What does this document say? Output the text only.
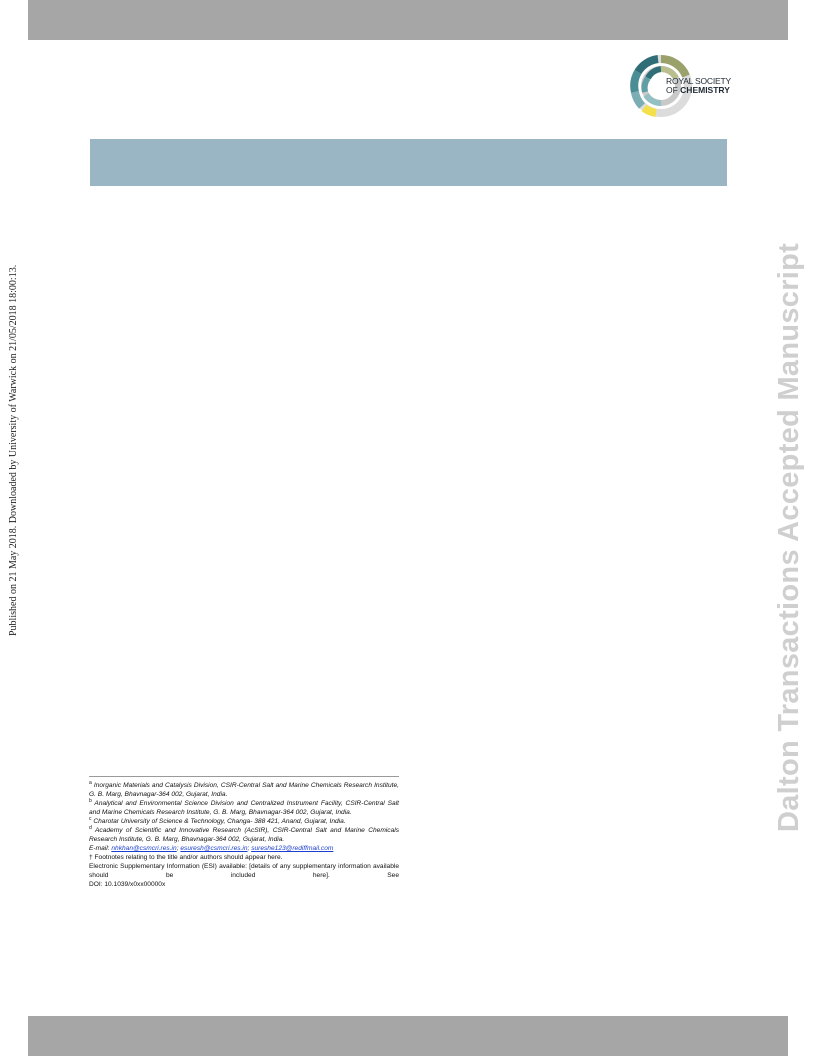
ROYAL SOCIETY
OF CHEMISTRY
Published on 21 May 2018. Downloaded by University of Warwick on 21/05/2018 18:00:13.	Dalton Transactions Accepted Manuscript
$^a$ Inorganic Materials and Catalysis Division, CSIR-Central Salt and Marine Chemicals Research Institute, G. B. Marg, Bhavnagar-364 002, Gujarat, India.
$^b$ Analytical and Environmental Science Division and Centralized Instrument Facility, CSIR-Central Salt and Marine Chemicals Research Institute, G. B. Marg, Bhavnagar-364 002, Gujarat, India.
$^c$ Charotar University of Science & Technology, Changa- 388 421, Anand, Gujarat, India.
$^d$ Academy of Scientific and Innovative Research (AcSIR), CSIR-Central Salt and Marine Chemicals Research Institute, G. B. Marg, Bhavnagar-364 002, Gujarat, India.
E-mail: nhkhan@csmcri.res.in; esuresh@csmcri.res.in; sureshe123@rediffmail.com
† Footnotes relating to the title and/or authors should appear here.
Electronic Supplementary Information (ESI) available: [details of any supplementary information available should be included here]. See
DOI: 10.1039/x0xx00000x
